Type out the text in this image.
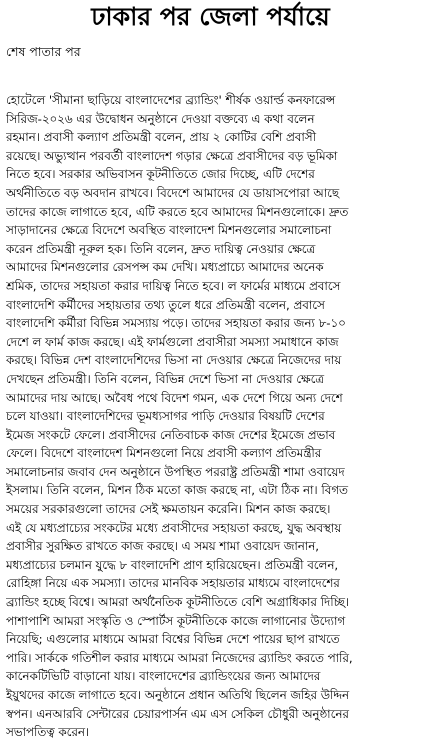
ঢাকার পর জেলা পর্যায়ে
শেষ পাতার পর
হোটেলে 'সীমানা ছাড়িয়ে বাংলাদেশের ব্র্যান্ডিং' শীর্ষক ওয়ার্ল্ড কনফারেন্স
সিরিজ-২০২৬ এর উদ্বোধন অনুষ্ঠানে দেওয়া বক্তব্যে এ কথা বলেন
রহমান। প্রবাসী কল্যাণ প্রতিমন্ত্রী বলেন, প্রায় ২ কোটির বেশি প্রবাসী
রয়েছে। অভ্যুত্থান পরবর্তী বাংলাদেশ গড়ার ক্ষেত্রে প্রবাসীদের বড় ভূমিকা
নিতে হবে। সরকার অভিবাসন কূটনীতিতে জোর দিচ্ছে, এটি দেশের
অর্থনীতিতে বড় অবদান রাখবে। বিদেশে আমাদের যে ডায়াসপোরা আছে
তাদের কাজে লাগাতে হবে, এটি করতে হবে আমাদের মিশনগুলোকে। দ্রুত
সাড়াদানের ক্ষেত্রে বিদেশে অবস্থিত বাংলাদেশ মিশনগুলোর সমালোচনা
করেন প্রতিমন্ত্রী নূরুল হক। তিনি বলেন, দ্রুত দায়িত্ব নেওয়ার ক্ষেত্রে
আমাদের মিশনগুলোর রেসপন্স কম দেখি। মধ্যপ্রাচ্যে আমাদের অনেক
শ্রমিক, তাদের সহায়তা করার দায়িত্ব নিতে হবে। ল ফার্মের মাধ্যমে প্রবাসে
বাংলাদেশি কর্মীদের সহায়তার তথ্য তুলে ধরে প্রতিমন্ত্রী বলেন, প্রবাসে
বাংলাদেশি কর্মীরা বিভিন্ন সমস্যায় পড়ে। তাদের সহায়তা করার জন্য ৮-১০
দেশে ল ফার্ম কাজ করছে। এই ফার্মগুলো প্রবাসীরা সমস্যা সমাধানে কাজ
করছে। বিভিন্ন দেশ বাংলাদেশিদের ভিসা না দেওয়ার ক্ষেত্রে নিজেদের দায়
দেখছেন প্রতিমন্ত্রী। তিনি বলেন, বিভিন্ন দেশে ভিসা না দেওয়ার ক্ষেত্রে
আমাদের দায় আছে। অবৈধ পথে বিদেশ গমন, এক দেশে গিয়ে অন্য দেশে
চলে যাওয়া। বাংলাদেশিদের ভূমধ্যসাগর পাড়ি দেওয়ার বিষয়টি দেশের
ইমেজ সংকটে ফেলে। প্রবাসীদের নেতিবাচক কাজ দেশের ইমেজে প্রভাব
ফেলে। বিদেশে বাংলাদেশ মিশনগুলো নিয়ে প্রবাসী কল্যাণ প্রতিমন্ত্রীর
সমালোচনার জবাব দেন অনুষ্ঠানে উপস্থিত পররাষ্ট্র প্রতিমন্ত্রী শামা ওবায়েদ
ইসলাম। তিনি বলেন, মিশন ঠিক মতো কাজ করছে না, এটা ঠিক না। বিগত
সময়ের সরকারগুলো তাদের সেই ক্ষমতায়ন করেনি। মিশন কাজ করছে।
এই যে মধ্যপ্রাচ্যের সংকটের মধ্যে প্রবাসীদের সহায়তা করছে, যুদ্ধ অবস্থায়
প্রবাসীর সুরক্ষিত রাখতে কাজ করছে। এ সময় শামা ওবায়েদ জানান,
মধ্যপ্রাচ্যের চলমান যুদ্ধে ৮ বাংলাদেশি প্রাণ হারিয়েছেন। প্রতিমন্ত্রী বলেন,
রোহিঙ্গা নিয়ে এক সমস্যা। তাদের মানবিক সহায়তার মাধ্যমে বাংলাদেশের
ব্র্যান্ডিং হচ্ছে বিশ্বে। আমরা অর্থনৈতিক কূটনীতিতে বেশি অগ্রাধিকার দিচ্ছি।
পাশাপাশি আমরা সংস্কৃতি ও স্পোর্টস কূটনীতিকে কাজে লাগানোর উদ্যোগ
নিয়েছি; এগুলোর মাধ্যমে আমরা বিশ্বের বিভিন্ন দেশে পায়ের ছাপ রাখতে
পারি। সার্ককে গতিশীল করার মাধ্যমে আমরা নিজেদের ব্র্যান্ডিং করতে পারি,
কানেকটিভিটি বাড়ানো যায়। বাংলাদেশের ব্র্যান্ডিংয়ের জন্য আমাদের
ইয়ুথদের কাজে লাগাতে হবে। অনুষ্ঠানে প্রধান অতিথি ছিলেন জহির উদ্দিন
স্বপন। এনআরবি সেন্টারের চেয়ারপার্সন এম এস সেকিল চৌধুরী অনুষ্ঠানের
সভাপতিত্ব করেন।
